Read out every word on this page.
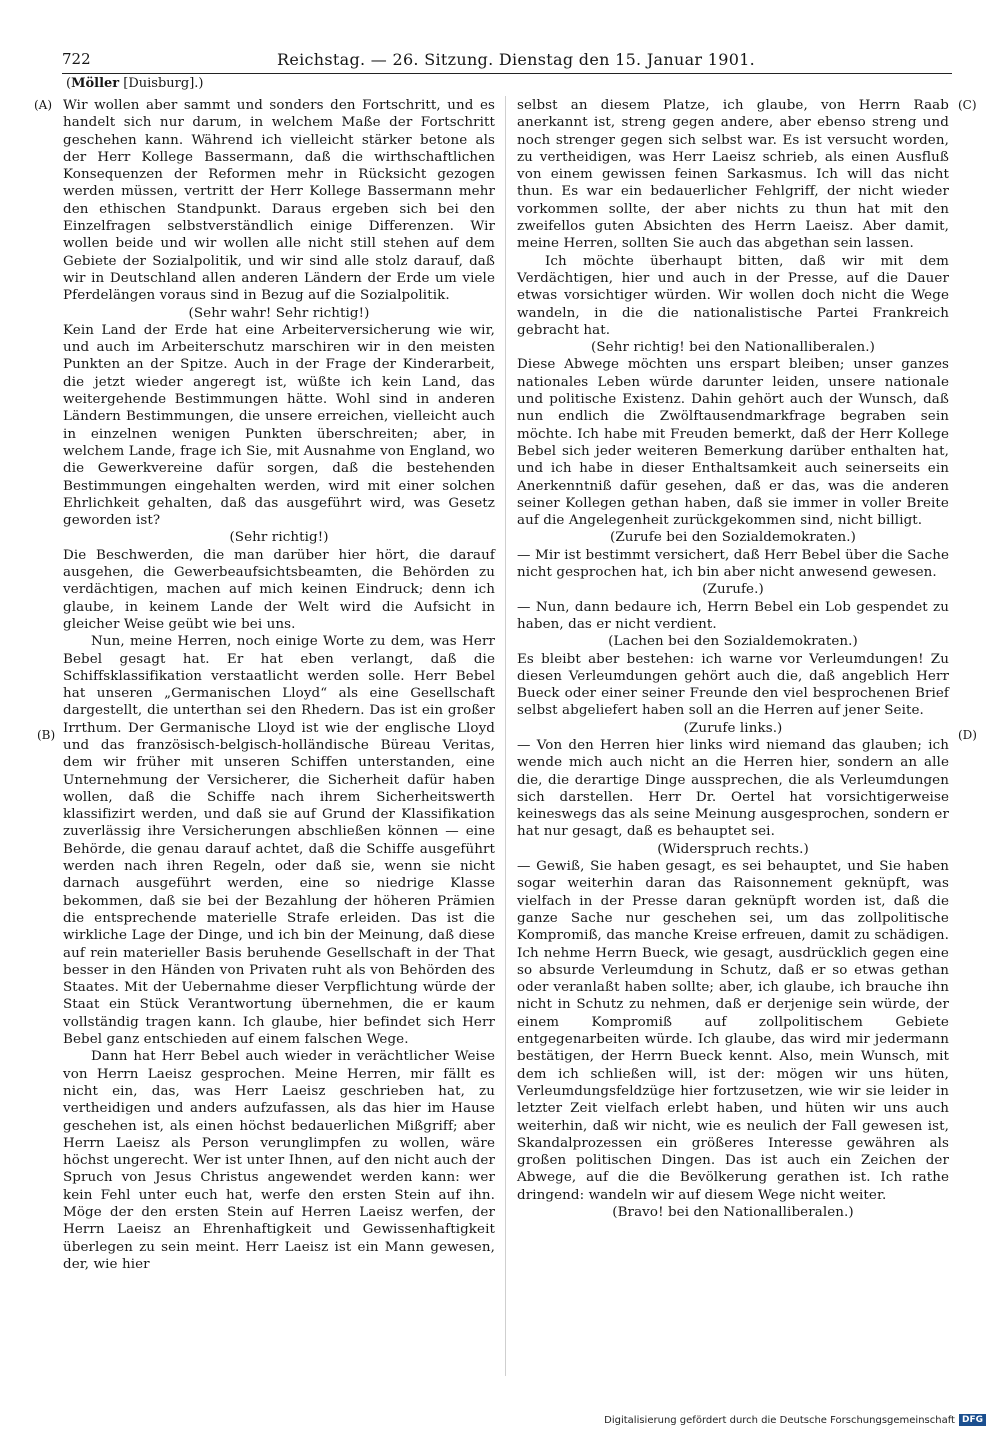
722	Reichstag. — 26. Sitzung. Dienstag den 15. Januar 1901.
(Möller [Duisburg].)
(A)
(B)
(C)
(D)

Wir wollen aber sammt und sonders den Fortschritt, und es handelt sich nur darum, in welchem Maße der Fortschritt geschehen kann. Während ich vielleicht stärker betone als der Herr Kollege Bassermann, daß die wirthschaftlichen Konsequenzen der Reformen mehr in Rücksicht gezogen werden müssen, vertritt der Herr Kollege Bassermann mehr den ethischen Standpunkt. Daraus ergeben sich bei den Einzelfragen selbstverständlich einige Differenzen. Wir wollen beide und wir wollen alle nicht still stehen auf dem Gebiete der Sozialpolitik, und wir sind alle stolz darauf, daß wir in Deutschland allen anderen Ländern der Erde um viele Pferdelängen voraus sind in Bezug auf die Sozialpolitik.

(Sehr wahr! Sehr richtig!)

Kein Land der Erde hat eine Arbeiterversicherung wie wir, und auch im Arbeiterschutz marschiren wir in den meisten Punkten an der Spitze. Auch in der Frage der Kinderarbeit, die jetzt wieder angeregt ist, wüßte ich kein Land, das weitergehende Bestimmungen hätte. Wohl sind in anderen Ländern Bestimmungen, die unsere erreichen, vielleicht auch in einzelnen wenigen Punkten überschreiten; aber, in welchem Lande, frage ich Sie, mit Ausnahme von England, wo die Gewerkvereine dafür sorgen, daß die bestehenden Bestimmungen eingehalten werden, wird mit einer solchen Ehrlichkeit gehalten, daß das ausgeführt wird, was Gesetz geworden ist?

(Sehr richtig!)

Die Beschwerden, die man darüber hier hört, die darauf ausgehen, die Gewerbeaufsichtsbeamten, die Behörden zu verdächtigen, machen auf mich keinen Eindruck; denn ich glaube, in keinem Lande der Welt wird die Aufsicht in gleicher Weise geübt wie bei uns.

Nun, meine Herren, noch einige Worte zu dem, was Herr Bebel gesagt hat. Er hat eben verlangt, daß die Schiffsklassifikation verstaatlicht werden solle. Herr Bebel hat unseren „Germanischen Lloyd“ als eine Gesellschaft dargestellt, die unterthan sei den Rhedern. Das ist ein großer Irrthum. Der Germanische Lloyd ist wie der englische Lloyd und das französisch-belgisch-holländische Büreau Veritas, dem wir früher mit unseren Schiffen unterstanden, eine Unternehmung der Versicherer, die Sicherheit dafür haben wollen, daß die Schiffe nach ihrem Sicherheitswerth klassifizirt werden, und daß sie auf Grund der Klassifikation zuverlässig ihre Versicherungen abschließen können — eine Behörde, die genau darauf achtet, daß die Schiffe ausgeführt werden nach ihren Regeln, oder daß sie, wenn sie nicht darnach ausgeführt werden, eine so niedrige Klasse bekommen, daß sie bei der Bezahlung der höheren Prämien die entsprechende materielle Strafe erleiden. Das ist die wirkliche Lage der Dinge, und ich bin der Meinung, daß diese auf rein materieller Basis beruhende Gesellschaft in der That besser in den Händen von Privaten ruht als von Behörden des Staates. Mit der Uebernahme dieser Verpflichtung würde der Staat ein Stück Verantwortung übernehmen, die er kaum vollständig tragen kann. Ich glaube, hier befindet sich Herr Bebel ganz entschieden auf einem falschen Wege.

Dann hat Herr Bebel auch wieder in verächtlicher Weise von Herrn Laeisz gesprochen. Meine Herren, mir fällt es nicht ein, das, was Herr Laeisz geschrieben hat, zu vertheidigen und anders aufzufassen, als das hier im Hause geschehen ist, als einen höchst bedauerlichen Mißgriff; aber Herrn Laeisz als Person verunglimpfen zu wollen, wäre höchst ungerecht. Wer ist unter Ihnen, auf den nicht auch der Spruch von Jesus Christus angewendet werden kann: wer kein Fehl unter euch hat, werfe den ersten Stein auf ihn. Möge der den ersten Stein auf Herren Laeisz werfen, der Herrn Laeisz an Ehrenhaftigkeit und Gewissenhaftigkeit überlegen zu sein meint. Herr Laeisz ist ein Mann gewesen, der, wie hier

selbst an diesem Platze, ich glaube, von Herrn Raab anerkannt ist, streng gegen andere, aber ebenso streng und noch strenger gegen sich selbst war. Es ist versucht worden, zu vertheidigen, was Herr Laeisz schrieb, als einen Ausfluß von einem gewissen feinen Sarkasmus. Ich will das nicht thun. Es war ein bedauerlicher Fehlgriff, der nicht wieder vorkommen sollte, der aber nichts zu thun hat mit den zweifellos guten Absichten des Herrn Laeisz. Aber damit, meine Herren, sollten Sie auch das abgethan sein lassen.

Ich möchte überhaupt bitten, daß wir mit dem Verdächtigen, hier und auch in der Presse, auf die Dauer etwas vorsichtiger würden. Wir wollen doch nicht die Wege wandeln, in die die nationalistische Partei Frankreich gebracht hat.

(Sehr richtig! bei den Nationalliberalen.)

Diese Abwege möchten uns erspart bleiben; unser ganzes nationales Leben würde darunter leiden, unsere nationale und politische Existenz. Dahin gehört auch der Wunsch, daß nun endlich die Zwölftausendmarkfrage begraben sein möchte. Ich habe mit Freuden bemerkt, daß der Herr Kollege Bebel sich jeder weiteren Bemerkung darüber enthalten hat, und ich habe in dieser Enthaltsamkeit auch seinerseits ein Anerkenntniß dafür gesehen, daß er das, was die anderen seiner Kollegen gethan haben, daß sie immer in voller Breite auf die Angelegenheit zurückgekommen sind, nicht billigt.

(Zurufe bei den Sozialdemokraten.)

— Mir ist bestimmt versichert, daß Herr Bebel über die Sache nicht gesprochen hat, ich bin aber nicht anwesend gewesen.

(Zurufe.)

— Nun, dann bedaure ich, Herrn Bebel ein Lob gespendet zu haben, das er nicht verdient.

(Lachen bei den Sozialdemokraten.)

Es bleibt aber bestehen: ich warne vor Verleumdungen! Zu diesen Verleumdungen gehört auch die, daß angeblich Herr Bueck oder einer seiner Freunde den viel besprochenen Brief selbst abgeliefert haben soll an die Herren auf jener Seite.

(Zurufe links.)

— Von den Herren hier links wird niemand das glauben; ich wende mich auch nicht an die Herren hier, sondern an alle die, die derartige Dinge aussprechen, die als Verleumdungen sich darstellen. Herr Dr. Oertel hat vorsichtigerweise keineswegs das als seine Meinung ausgesprochen, sondern er hat nur gesagt, daß es behauptet sei.

(Widerspruch rechts.)

— Gewiß, Sie haben gesagt, es sei behauptet, und Sie haben sogar weiterhin daran das Raisonnement geknüpft, was vielfach in der Presse daran geknüpft worden ist, daß die ganze Sache nur geschehen sei, um das zollpolitische Kompromiß, das manche Kreise erfreuen, damit zu schädigen. Ich nehme Herrn Bueck, wie gesagt, ausdrücklich gegen eine so absurde Verleumdung in Schutz, daß er so etwas gethan oder veranlaßt haben sollte; aber, ich glaube, ich brauche ihn nicht in Schutz zu nehmen, daß er derjenige sein würde, der einem Kompromiß auf zollpolitischem Gebiete entgegenarbeiten würde. Ich glaube, das wird mir jedermann bestätigen, der Herrn Bueck kennt. Also, mein Wunsch, mit dem ich schließen will, ist der: mögen wir uns hüten, Verleumdungsfeldzüge hier fortzusetzen, wie wir sie leider in letzter Zeit vielfach erlebt haben, und hüten wir uns auch weiterhin, daß wir nicht, wie es neulich der Fall gewesen ist, Skandalprozessen ein größeres Interesse gewähren als großen politischen Dingen. Das ist auch ein Zeichen der Abwege, auf die die Bevölkerung gerathen ist. Ich rathe dringend: wandeln wir auf diesem Wege nicht weiter.

(Bravo! bei den Nationalliberalen.)

Digitalisierung gefördert durch die Deutsche Forschungsgemeinschaft DFG
